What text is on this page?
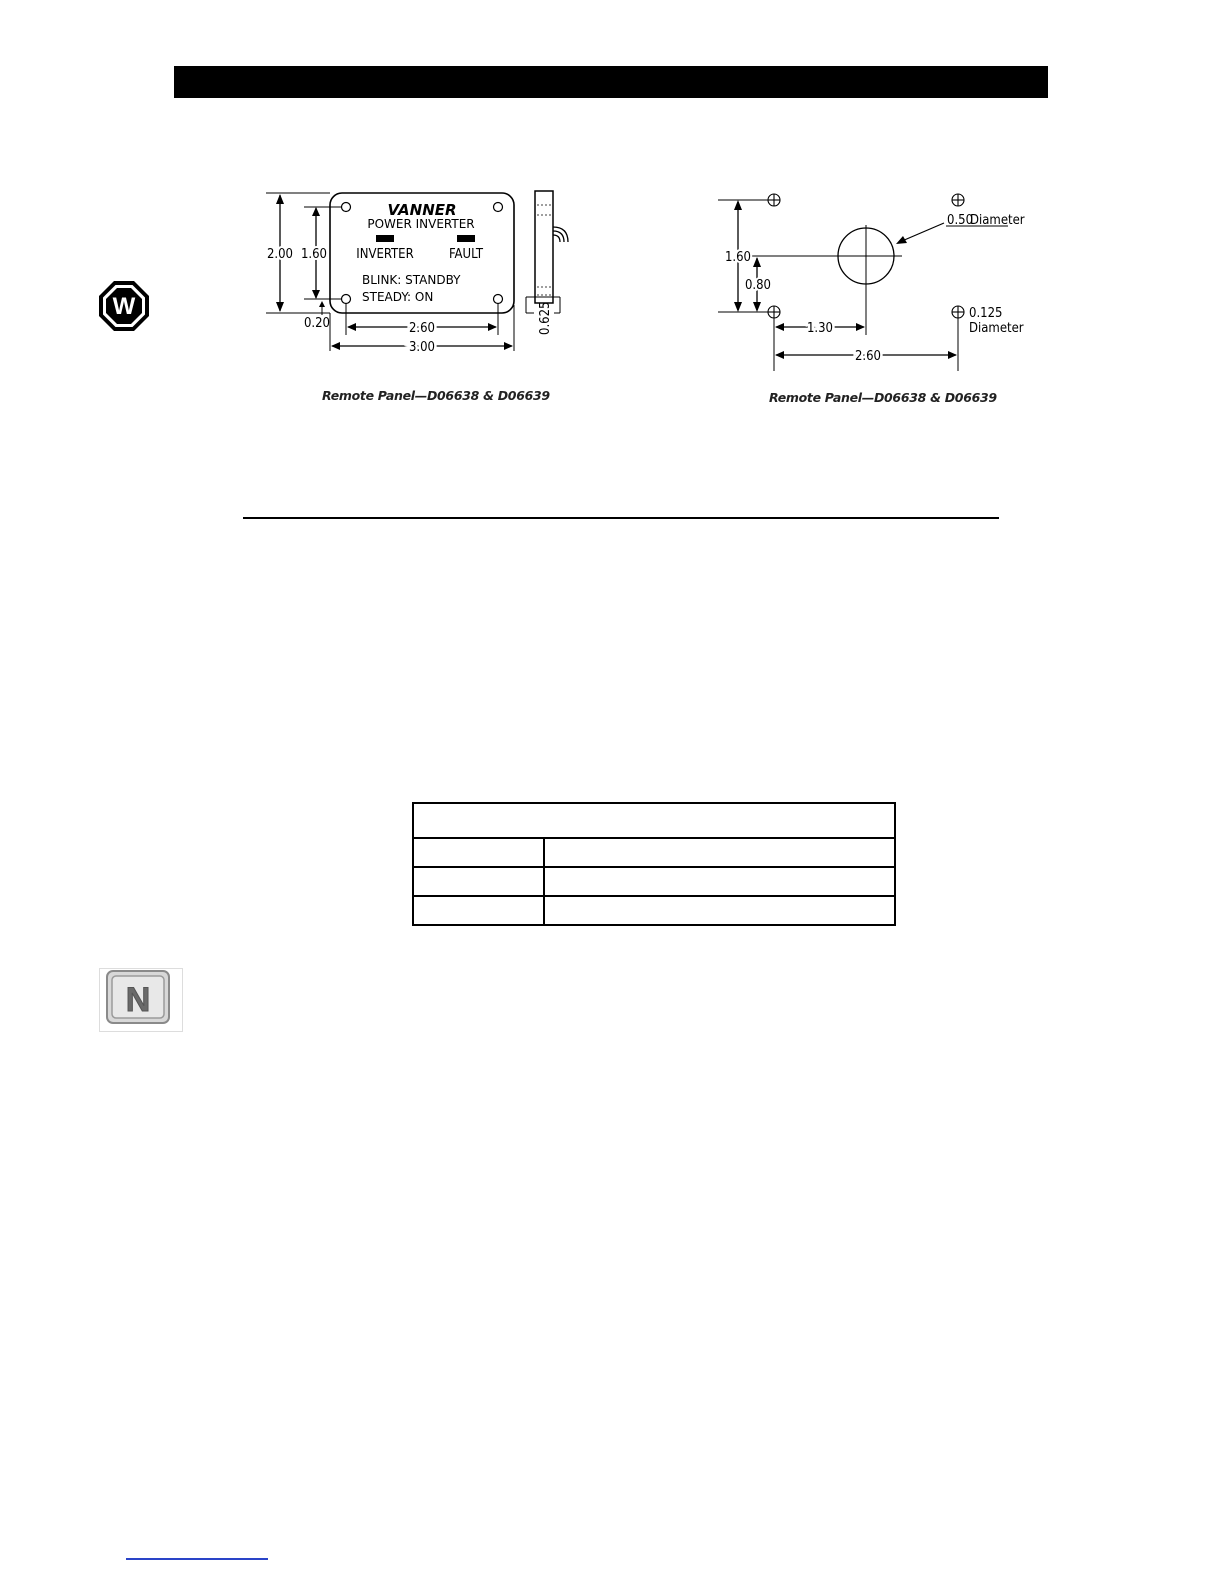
W
VANNER
POWER INVERTER
INVERTER	FAULT
BLINK: STANDBY
STEADY: ON
2.00 1.60
0.20	2.60
3.00
0.625
Remote Panel—D06638 & D06639
1.60
0.80
1.30
2.60
0.50
Diameter
0.125
Diameter
Remote Panel—D06638 & D06639

N
